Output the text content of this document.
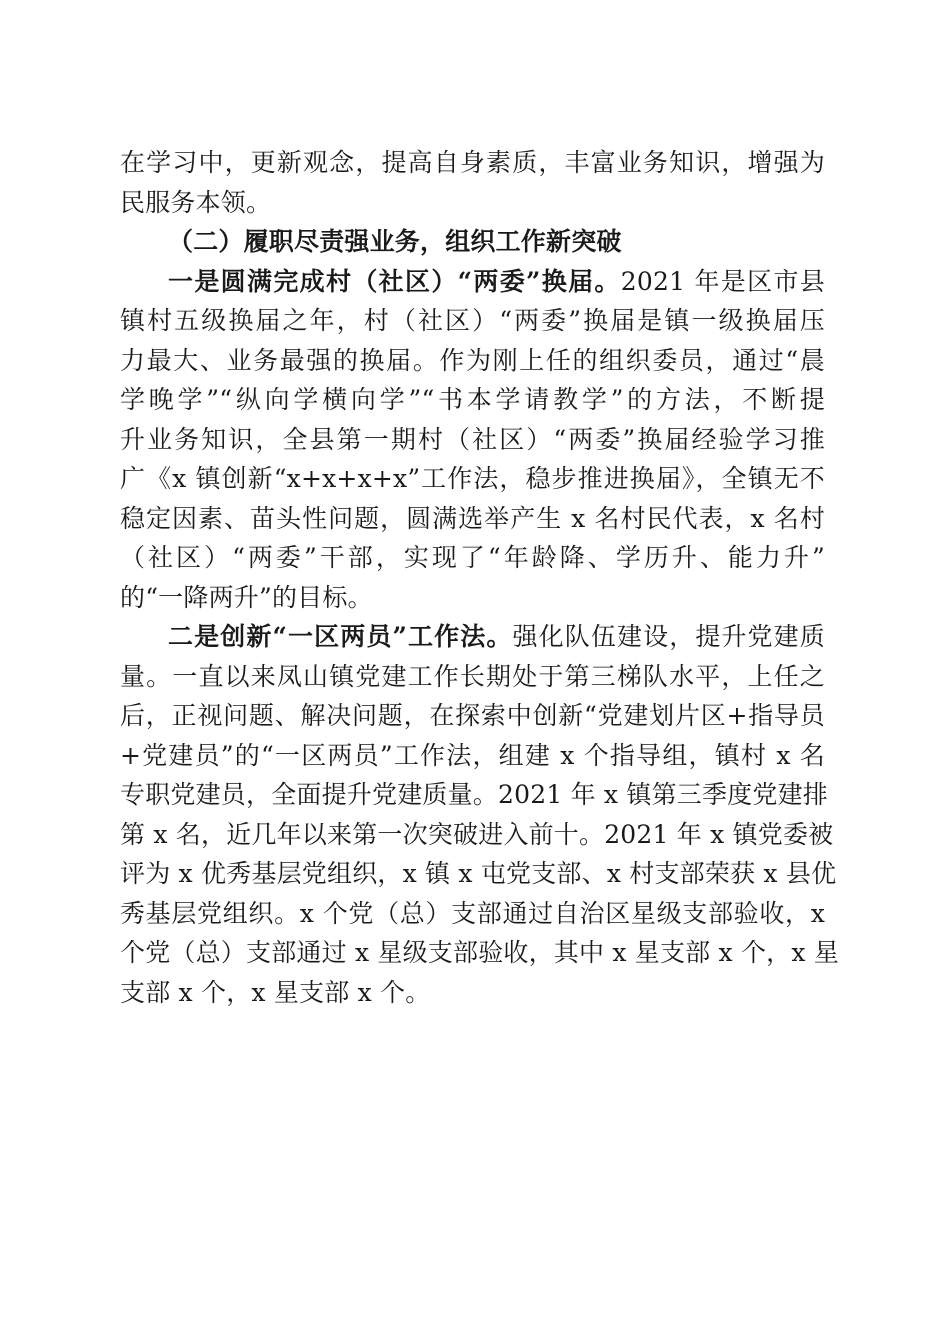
在学习中，更新观念，提高自身素质，丰富业务知识，增强为
民服务本领。
（二）履职尽责强业务，组织工作新突破
一是圆满完成村（社区）“两委”换届。2021 年是区市县
镇村五级换届之年，村（社区）“两委”换届是镇一级换届压
力最大、业务最强的换届。作为刚上任的组织委员，通过“晨
学晚学”“纵向学横向学”“书本学请教学”的方法，不断提
升业务知识，全县第一期村（社区）“两委”换届经验学习推
广《x 镇创新“x+x+x+x”工作法，稳步推进换届》，全镇无不
稳定因素、苗头性问题，圆满选举产生 x 名村民代表，x 名村
（社区）“两委”干部，实现了“年龄降、学历升、能力升”
的“一降两升”的目标。
二是创新“一区两员”工作法。强化队伍建设，提升党建质
量。一直以来凤山镇党建工作长期处于第三梯队水平，上任之
后，正视问题、解决问题，在探索中创新“党建划片区+指导员
+党建员”的“一区两员”工作法，组建 x 个指导组，镇村 x 名
专职党建员，全面提升党建质量。2021 年 x 镇第三季度党建排
第 x 名，近几年以来第一次突破进入前十。2021 年 x 镇党委被
评为 x 优秀基层党组织，x 镇 x 屯党支部、x 村支部荣获 x 县优
秀基层党组织。x 个党（总）支部通过自治区星级支部验收，x
个党（总）支部通过 x 星级支部验收，其中 x 星支部 x 个，x 星
支部 x 个，x 星支部 x 个。
